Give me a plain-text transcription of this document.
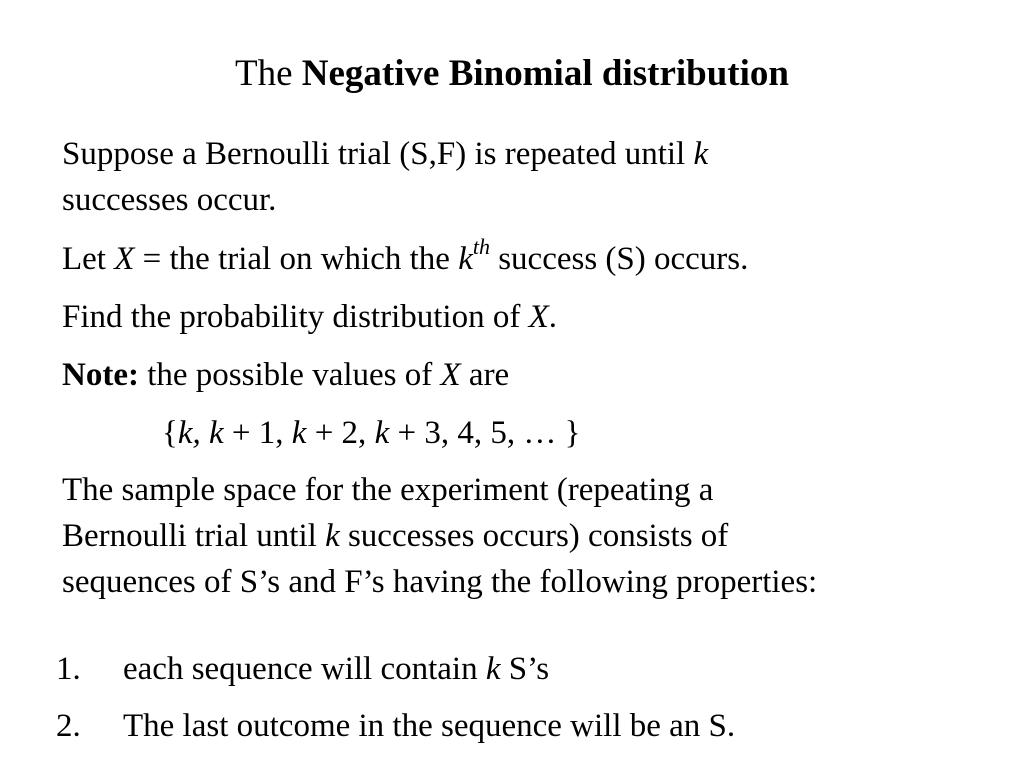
The Negative Binomial distribution
Suppose a Bernoulli trial (S,F) is repeated until k
successes occur.
Let X = the trial on which the $k^{th}$ success (S) occurs.
Find the probability distribution of X.
Note: the possible values of X are
{k, k + 1, k + 2, k + 3, 4, 5, … }
The sample space for the experiment (repeating a
Bernoulli trial until k successes occurs) consists of
sequences of S’s and F’s having the following properties:
1. each sequence will contain k S’s
2. The last outcome in the sequence will be an S.
